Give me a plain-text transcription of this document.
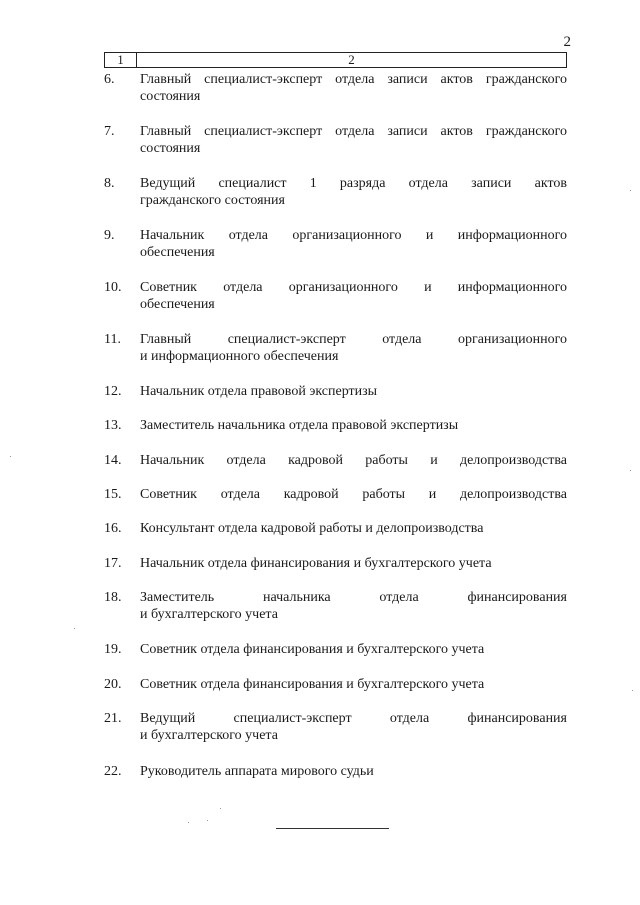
2
1	2
6.	Главный специалист-эксперт отдела записи актов гражданского
состояния
7.	Главный специалист-эксперт отдела записи актов гражданского
состояния
8.	Ведущий специалист 1 разряда отдела записи актов
гражданского состояния
9.	Начальник отдела организационного и информационного
обеспечения
10.	Советник отдела организационного и информационного
обеспечения
11.	Главный специалист-эксперт отдела организационного
и информационного обеспечения
12.	Начальник отдела правовой экспертизы
13.	Заместитель начальника отдела правовой экспертизы
14.	Начальник отдела кадровой работы и делопроизводства
15.	Советник отдела кадровой работы и делопроизводства
16.	Консультант отдела кадровой работы и делопроизводства
17.	Начальник отдела финансирования и бухгалтерского учета
18.	Заместитель начальника отдела финансирования
и бухгалтерского учета
19.	Советник отдела финансирования и бухгалтерского учета
20.	Советник отдела финансирования и бухгалтерского учета
21.	Ведущий специалист-эксперт отдела финансирования
и бухгалтерского учета
22.	Руководитель аппарата мирового судьи
